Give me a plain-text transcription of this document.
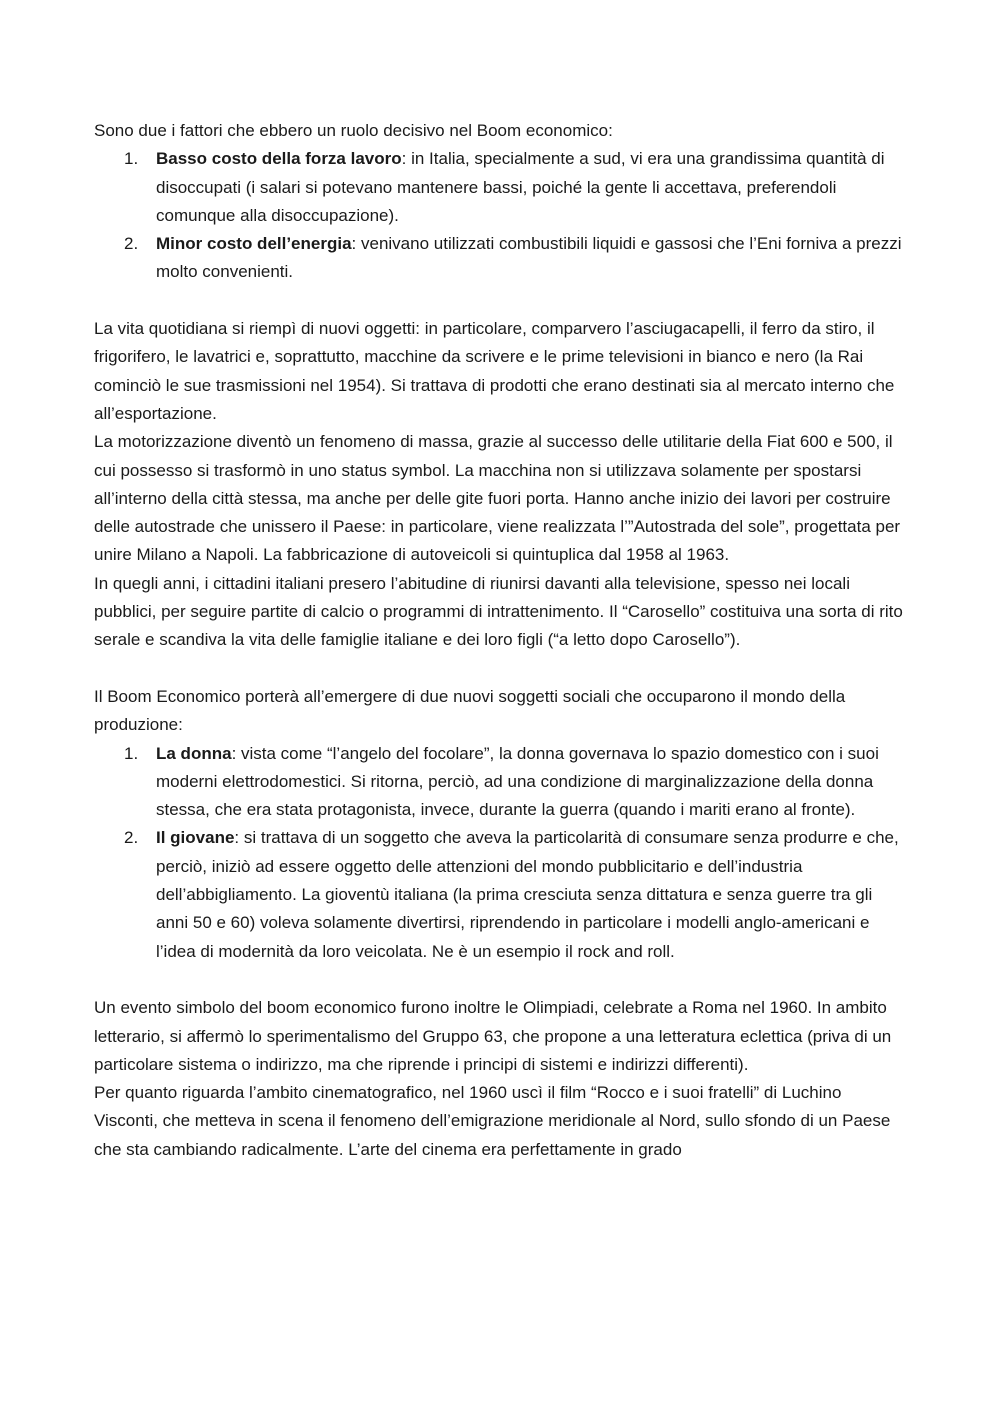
Sono due i fattori che ebbero un ruolo decisivo nel Boom economico:

1. Basso costo della forza lavoro: in Italia, specialmente a sud, vi era una grandissima quantità di disoccupati (i salari si potevano mantenere bassi, poiché la gente li accettava, preferendoli comunque alla disoccupazione).
2. Minor costo dell’energia: venivano utilizzati combustibili liquidi e gassosi che l’Eni forniva a prezzi molto convenienti.

La vita quotidiana si riempì di nuovi oggetti: in particolare, comparvero l’asciugacapelli, il ferro da stiro, il frigorifero, le lavatrici e, soprattutto, macchine da scrivere e le prime televisioni in bianco e nero (la Rai cominciò le sue trasmissioni nel 1954). Si trattava di prodotti che erano destinati sia al mercato interno che all’esportazione.

La motorizzazione diventò un fenomeno di massa, grazie al successo delle utilitarie della Fiat 600 e 500, il cui possesso si trasformò in uno status symbol. La macchina non si utilizzava solamente per spostarsi all’interno della città stessa, ma anche per delle gite fuori porta. Hanno anche inizio dei lavori per costruire delle autostrade che unissero il Paese: in particolare, viene realizzata l’”Autostrada del sole”, progettata per unire Milano a Napoli. La fabbricazione di autoveicoli si quintuplica dal 1958 al 1963.

In quegli anni, i cittadini italiani presero l’abitudine di riunirsi davanti alla televisione, spesso nei locali pubblici, per seguire partite di calcio o programmi di intrattenimento. Il “Carosello” costituiva una sorta di rito serale e scandiva la vita delle famiglie italiane e dei loro figli (“a letto dopo Carosello”).

Il Boom Economico porterà all’emergere di due nuovi soggetti sociali che occuparono il mondo della produzione:

1. La donna: vista come “l’angelo del focolare”, la donna governava lo spazio domestico con i suoi moderni elettrodomestici. Si ritorna, perciò, ad una condizione di marginalizzazione della donna stessa, che era stata protagonista, invece, durante la guerra (quando i mariti erano al fronte).
2. Il giovane: si trattava di un soggetto che aveva la particolarità di consumare senza produrre e che, perciò, iniziò ad essere oggetto delle attenzioni del mondo pubblicitario e dell’industria dell’abbigliamento. La gioventù italiana (la prima cresciuta senza dittatura e senza guerre tra gli anni 50 e 60) voleva solamente divertirsi, riprendendo in particolare i modelli anglo-americani e l’idea di modernità da loro veicolata. Ne è un esempio il rock and roll.

Un evento simbolo del boom economico furono inoltre le Olimpiadi, celebrate a Roma nel 1960. In ambito letterario, si affermò lo sperimentalismo del Gruppo 63, che propone a una letteratura eclettica (priva di un particolare sistema o indirizzo, ma che riprende i principi di sistemi e indirizzi differenti).

Per quanto riguarda l’ambito cinematografico, nel 1960 uscì il film “Rocco e i suoi fratelli” di Luchino Visconti, che metteva in scena il fenomeno dell’emigrazione meridionale al Nord, sullo sfondo di un Paese che sta cambiando radicalmente. L’arte del cinema era perfettamente in grado
